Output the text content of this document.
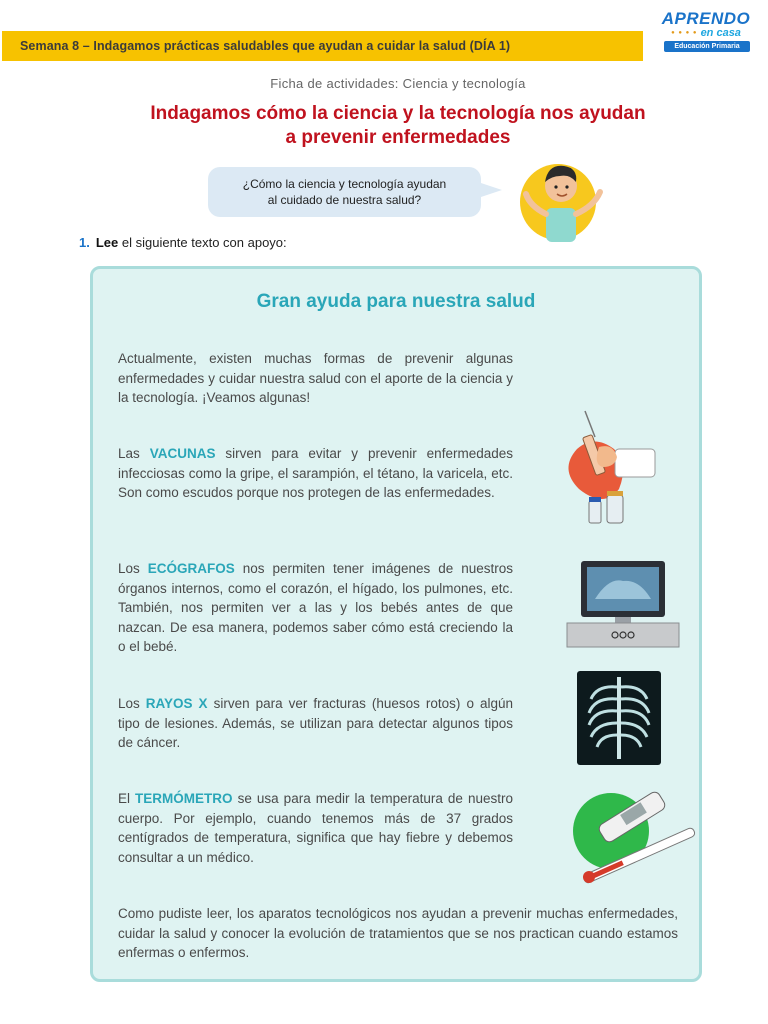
Semana 8 – Indagamos prácticas saludables que ayudan a cuidar la salud (DÍA 1)
APRENDO
● ● ● ● en casa
Educación Primaria
Ficha de actividades: Ciencia y tecnología
Indagamos cómo la ciencia y la tecnología nos ayudan
a prevenir enfermedades
¿Cómo la ciencia y tecnología ayudan
al cuidado de nuestra salud?
1. Lee el siguiente texto con apoyo:
Gran ayuda para nuestra salud

Actualmente, existen muchas formas de prevenir algunas enfermedades y cuidar nuestra salud con el aporte de la ciencia y la tecnología. ¡Veamos algunas!

Las VACUNAS sirven para evitar y prevenir enfermedades infecciosas como la gripe, el sarampión, el tétano, la varicela, etc. Son como escudos porque nos protegen de las enfermedades.

Los ECÓGRAFOS nos permiten tener imágenes de nuestros órganos internos, como el corazón, el hígado, los pulmones, etc. También, nos permiten ver a las y los bebés antes de que nazcan. De esa manera, podemos saber cómo está creciendo la o el bebé.

Los RAYOS X sirven para ver fracturas (huesos rotos) o algún tipo de lesiones. Además, se utilizan para detectar algunos tipos de cáncer.

El TERMÓMETRO se usa para medir la temperatura de nuestro cuerpo. Por ejemplo, cuando tenemos más de 37 grados centígrados de temperatura, significa que hay fiebre y debemos consultar a un médico.

Como pudiste leer, los aparatos tecnológicos nos ayudan a prevenir muchas enfermedades, cuidar la salud y conocer la evolución de tratamientos que se nos practican cuando estamos enfermas o enfermos.
